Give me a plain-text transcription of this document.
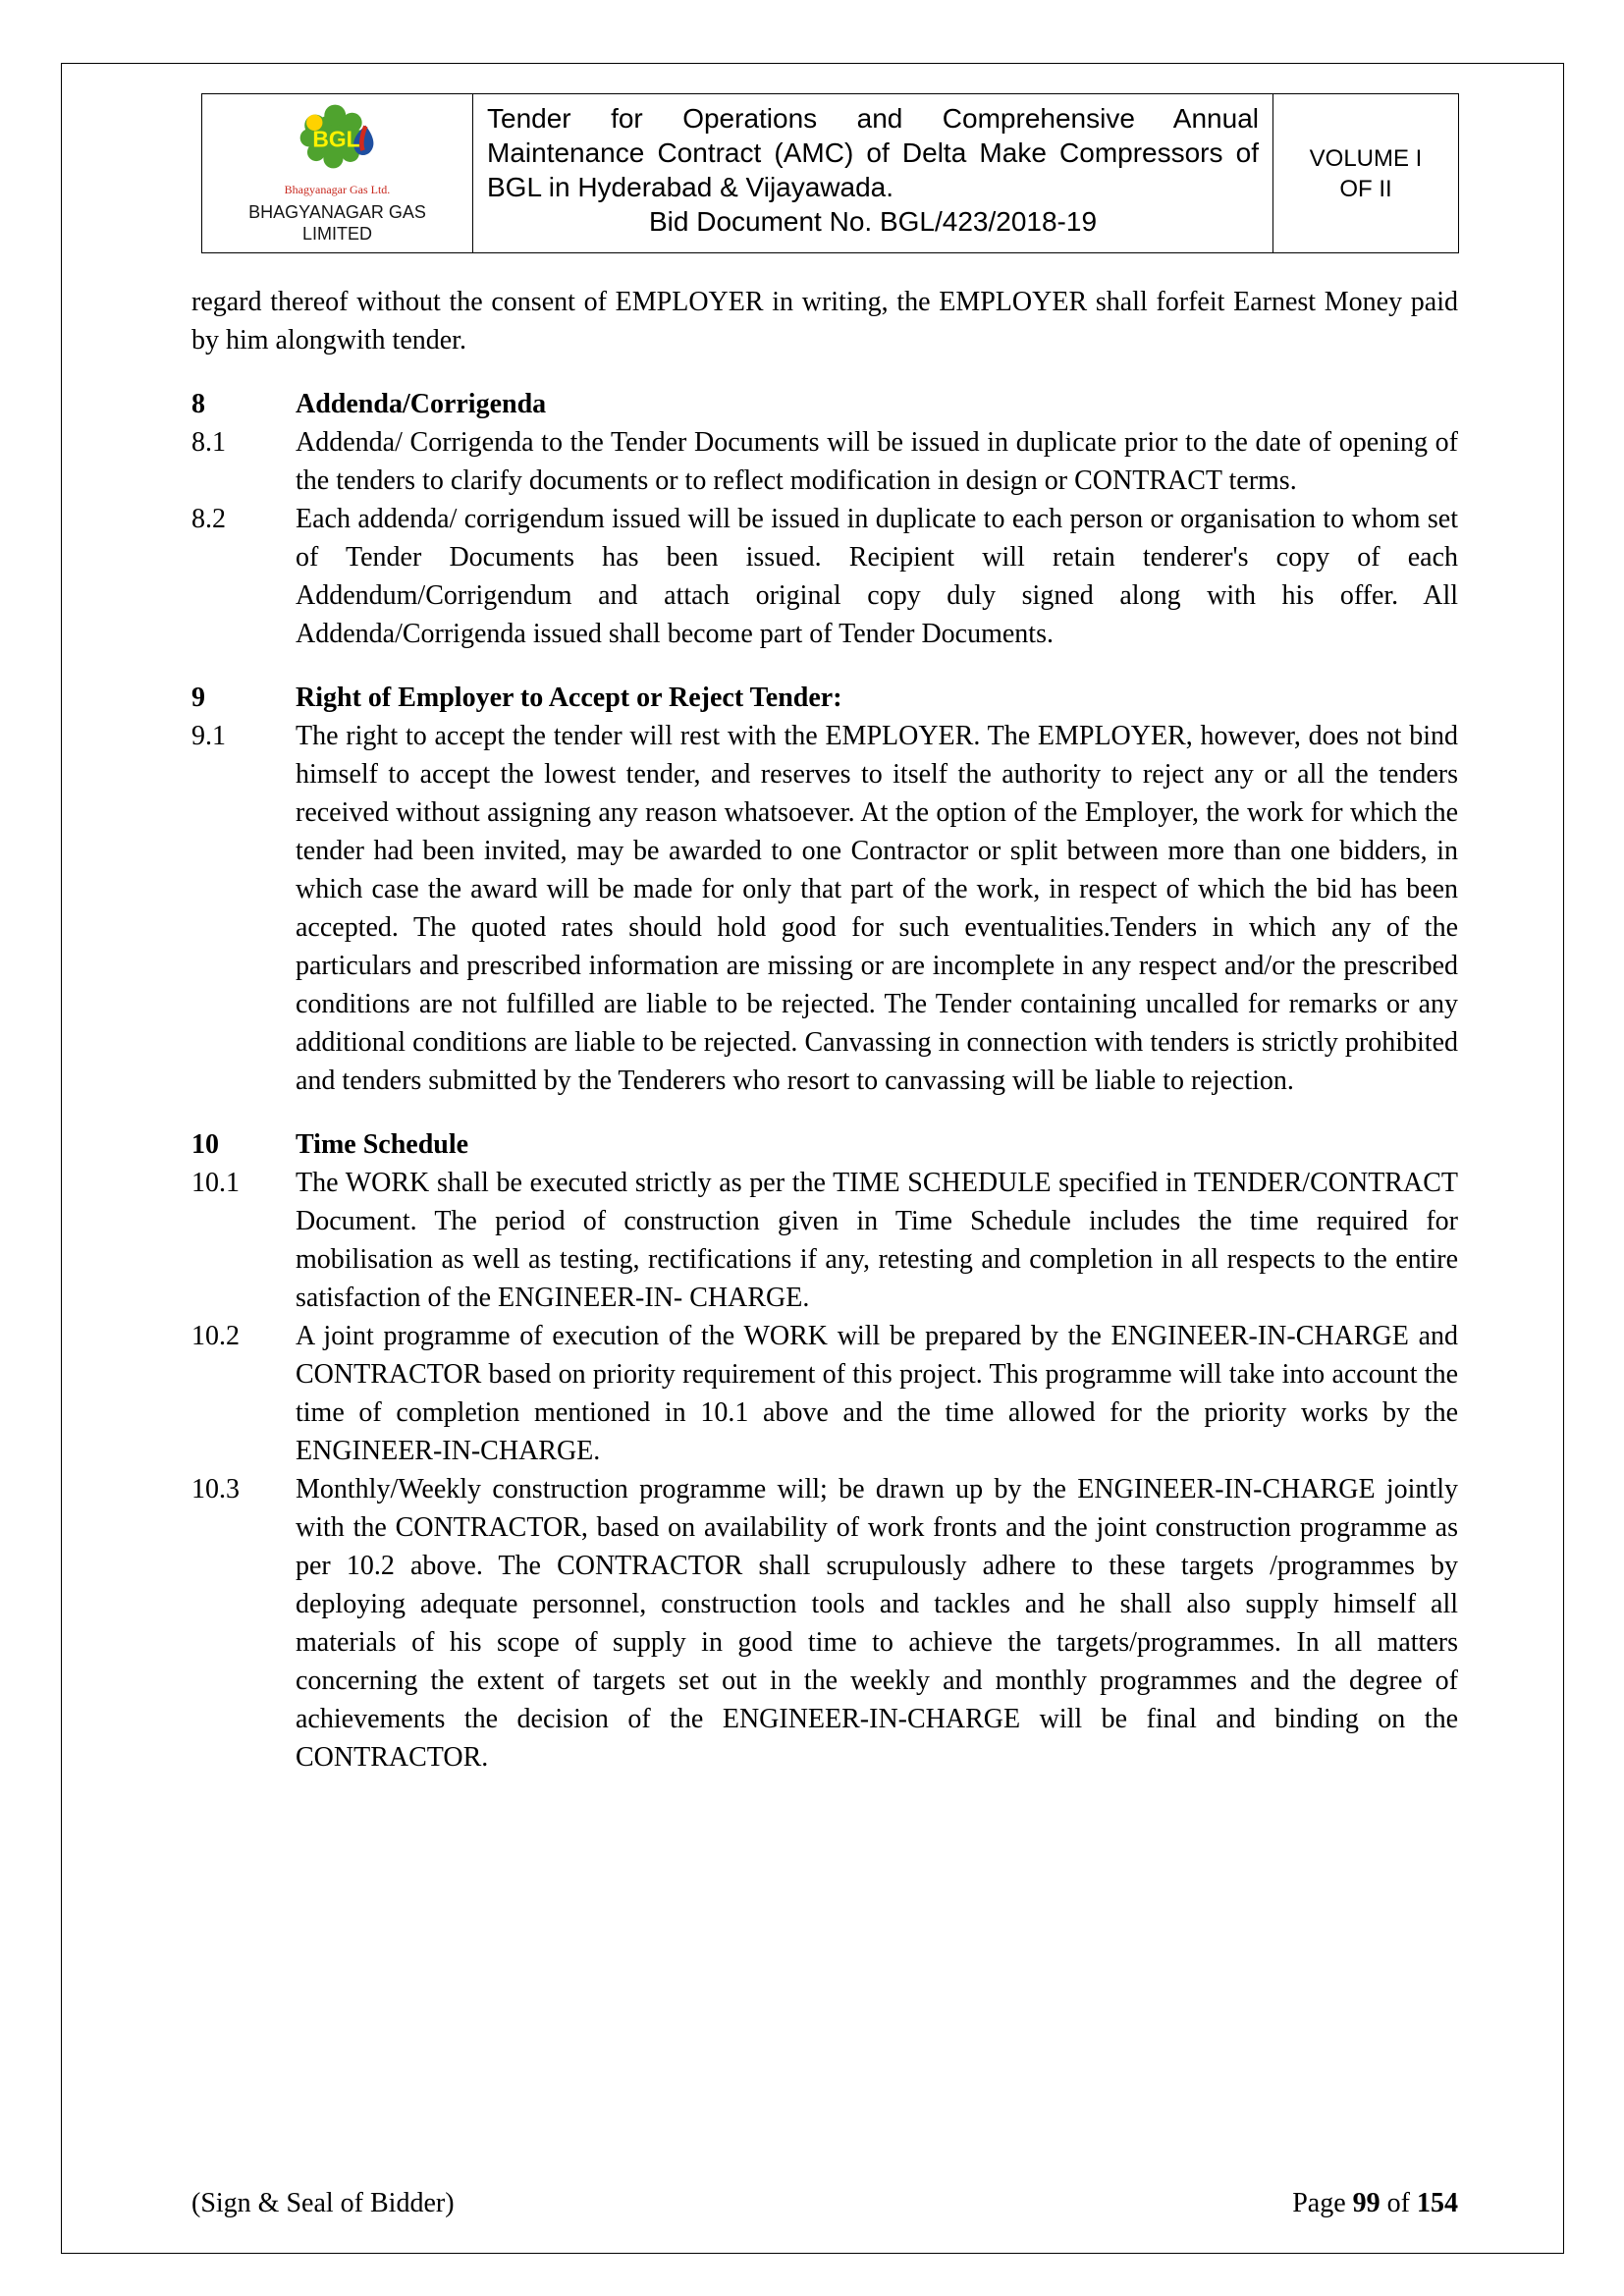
BGL
Bhagyanagar Gas Ltd.
BHAGYANAGAR GAS
LIMITED
Tender for Operations and Comprehensive Annual Maintenance Contract (AMC) of Delta Make Compressors of BGL in Hyderabad & Vijayawada.
Bid Document No. BGL/423/2018-19
VOLUME I
OF II

regard thereof without the consent of EMPLOYER in writing, the EMPLOYER shall forfeit Earnest Money paid by him alongwith tender.

8	Addenda/Corrigenda
8.1	Addenda/ Corrigenda to the Tender Documents will be issued in duplicate prior to the date of opening of the tenders to clarify documents or to reflect modification in design or CONTRACT terms.
8.2	Each addenda/ corrigendum issued will be issued in duplicate to each person or organisation to whom set of Tender Documents has been issued. Recipient will retain tenderer's copy of each Addendum/Corrigendum and attach original copy duly signed along with his offer. All Addenda/Corrigenda issued shall become part of Tender Documents.
9	Right of Employer to Accept or Reject Tender:
9.1	The right to accept the tender will rest with the EMPLOYER. The EMPLOYER, however, does not bind himself to accept the lowest tender, and reserves to itself the authority to reject any or all the tenders received without assigning any reason whatsoever. At the option of the Employer, the work for which the tender had been invited, may be awarded to one Contractor or split between more than one bidders, in which case the award will be made for only that part of the work, in respect of which the bid has been accepted. The quoted rates should hold good for such eventualities.Tenders in which any of the particulars and prescribed information are missing or are incomplete in any respect and/or the prescribed conditions are not fulfilled are liable to be rejected. The Tender containing uncalled for remarks or any additional conditions are liable to be rejected. Canvassing in connection with tenders is strictly prohibited and tenders submitted by the Tenderers who resort to canvassing will be liable to rejection.
10	Time Schedule
10.1	The WORK shall be executed strictly as per the TIME SCHEDULE specified in TENDER/CONTRACT Document. The period of construction given in Time Schedule includes the time required for mobilisation as well as testing, rectifications if any, retesting and completion in all respects to the entire satisfaction of the ENGINEER-IN- CHARGE.
10.2	A joint programme of execution of the WORK will be prepared by the ENGINEER-IN-CHARGE and CONTRACTOR based on priority requirement of this project. This programme will take into account the time of completion mentioned in 10.1 above and the time allowed for the priority works by the ENGINEER-IN-CHARGE.
10.3	Monthly/Weekly construction programme will; be drawn up by the ENGINEER-IN-CHARGE jointly with the CONTRACTOR, based on availability of work fronts and the joint construction programme as per 10.2 above. The CONTRACTOR shall scrupulously adhere to these targets /programmes by deploying adequate personnel, construction tools and tackles and he shall also supply himself all materials of his scope of supply in good time to achieve the targets/programmes. In all matters concerning the extent of targets set out in the weekly and monthly programmes and the degree of achievements the decision of the ENGINEER-IN-CHARGE will be final and binding on the CONTRACTOR.
(Sign & Seal of Bidder)	Page 99 of 154
